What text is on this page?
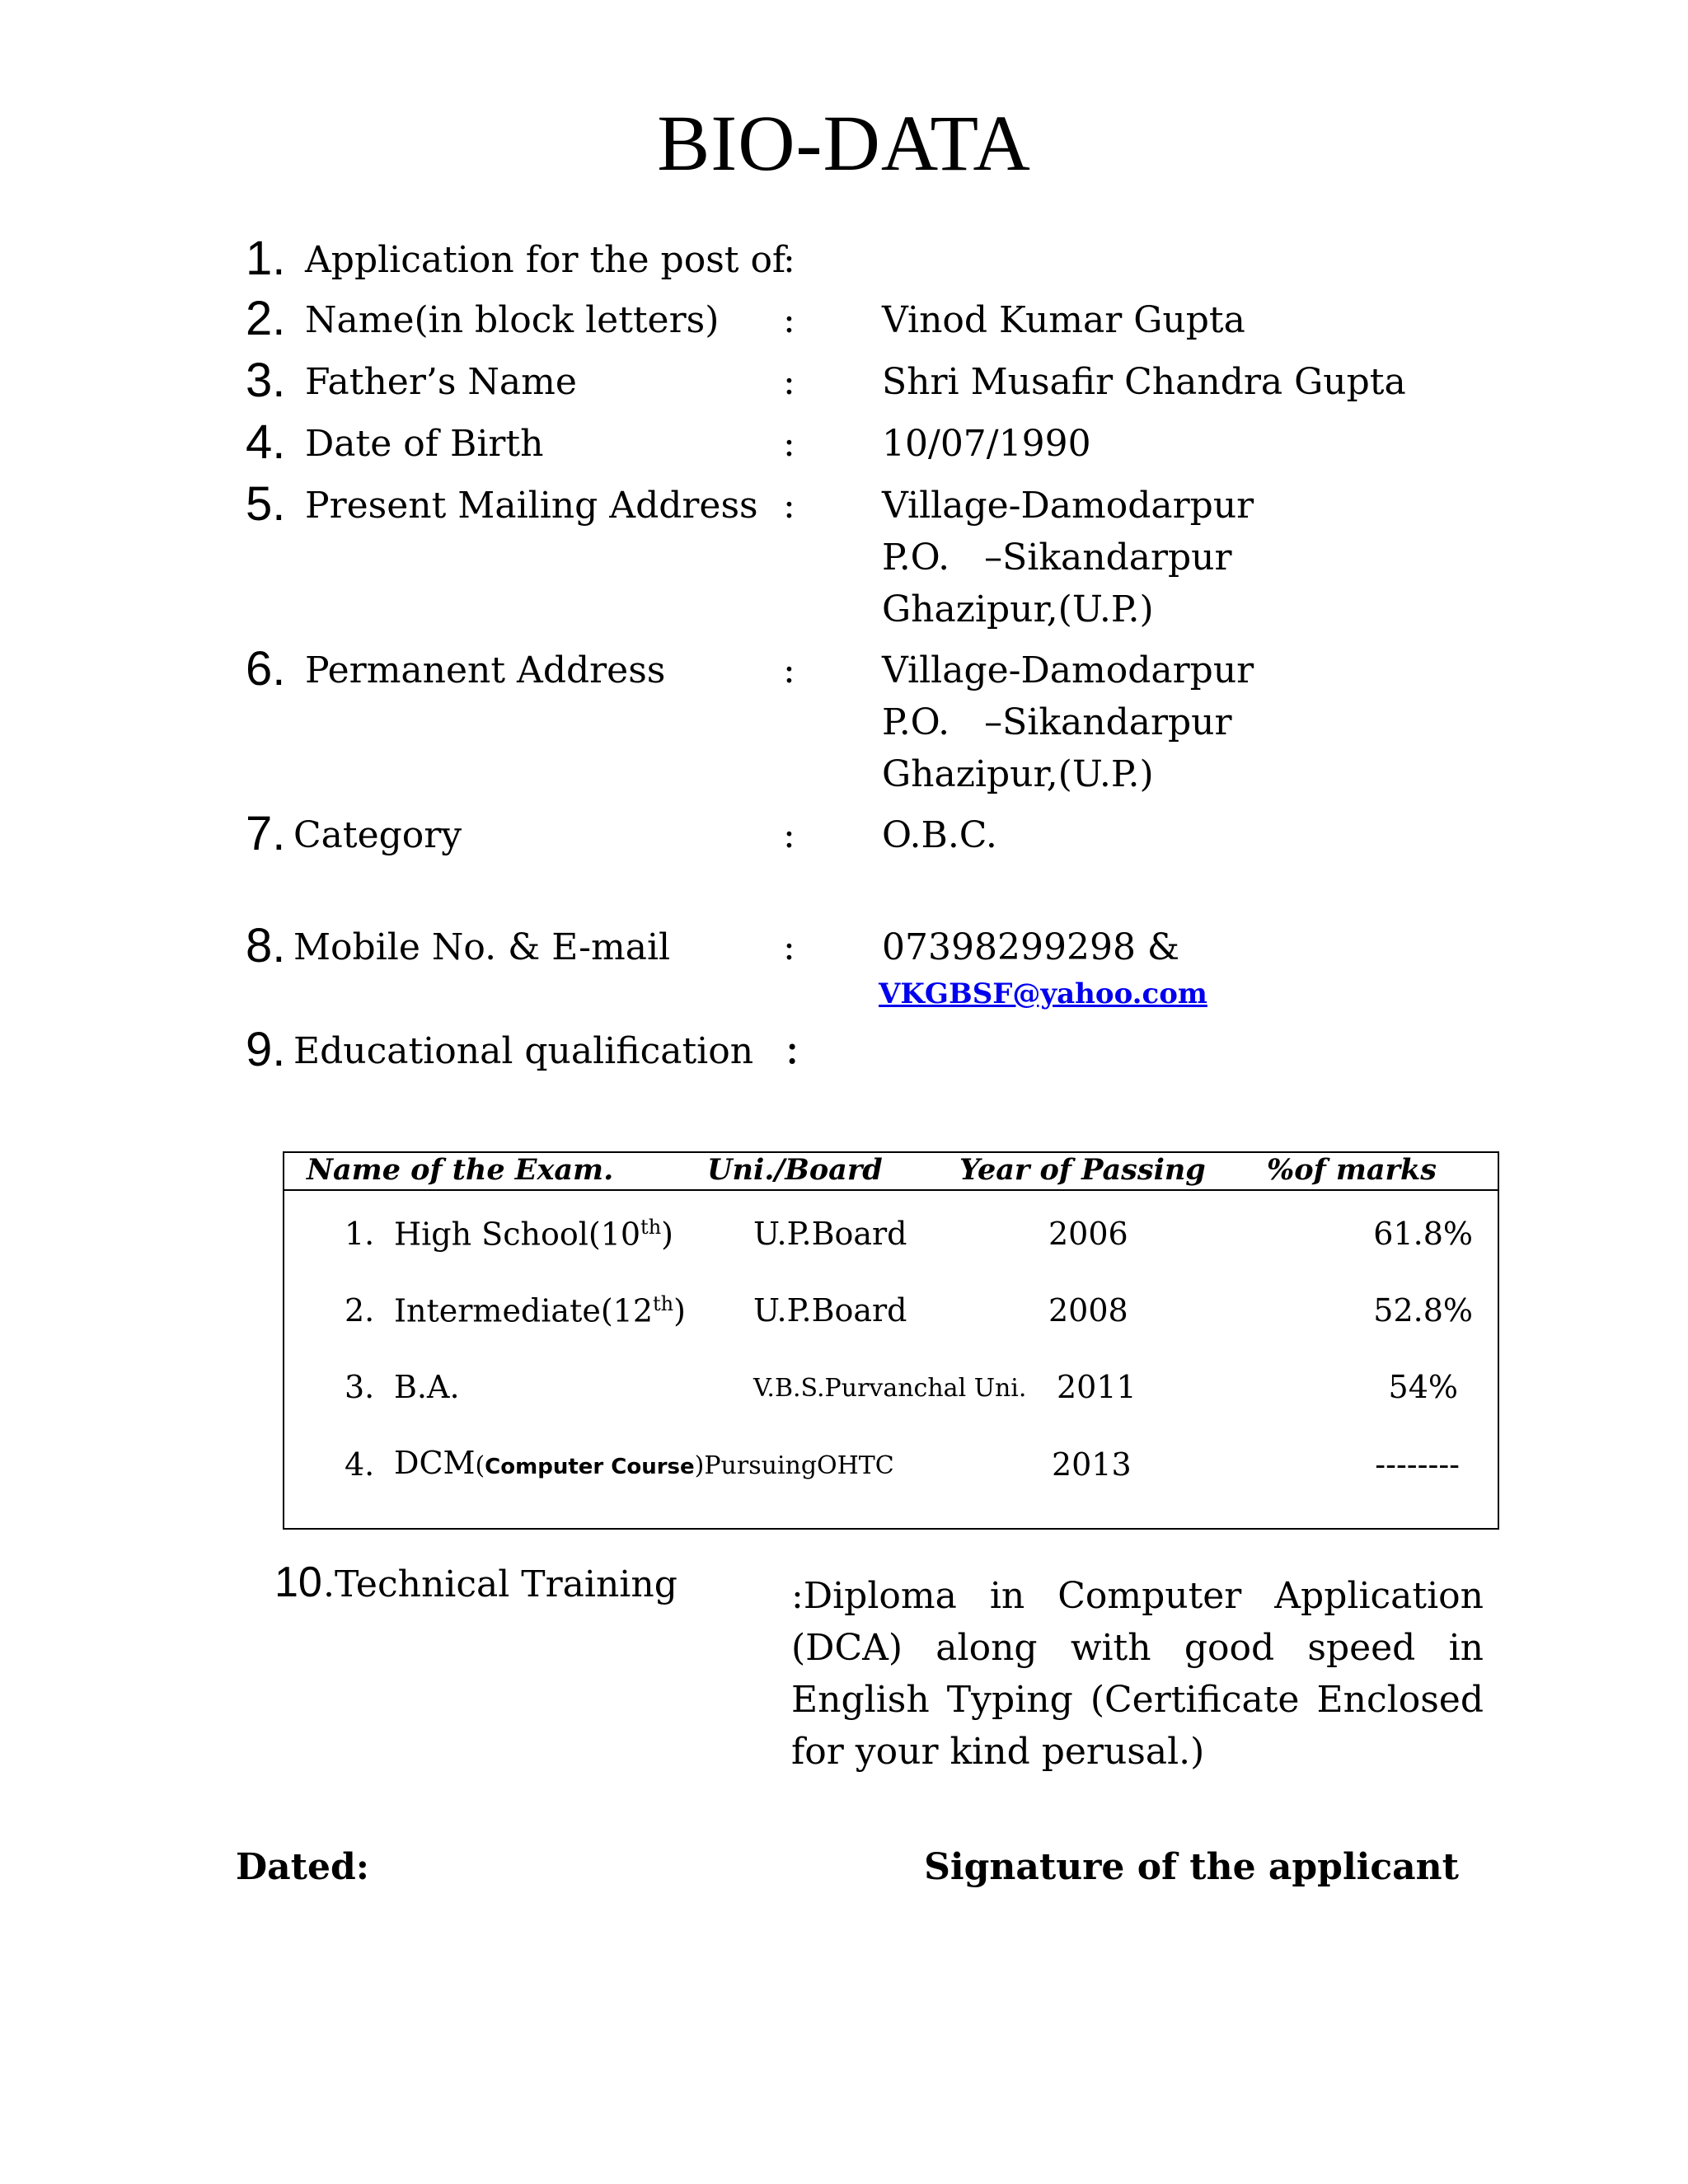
BIO-DATA
1. Application for the post of
:
2. Name(in block letters) : Vinod Kumar Gupta
3. Father’s Name	: Shri Musafir Chandra Gupta
4. Date of Birth	: 10/07/1990
5. Present Mailing Address : Village-Damodarpur
P.O.   –Sikandarpur
Ghazipur,(U.P.)
6. Permanent Address	: Village-Damodarpur
P.O.   –Sikandarpur
Ghazipur,(U.P.)
7. Category	: O.B.C.
8. Mobile No. & E-mail	: 07398299298 &
VKGBSF@yahoo.com
9. Educational qualification :
Name of the Exam.	Uni./Board	Year of Passing %of marks
1. High School(10th)	U.P.Board	2006	61.8%
2. Intermediate(12th) U.P.Board	2008	52.8%
3. B.A.	V.B.S.Purvanchal Uni. 2011	54%
4. DCM(Computer Course)Pursuing OHTC	2013	--------
10 .Technical Training	:Diploma in Computer Application
(DCA) along with good speed in
English Typing (Certificate Enclosed
for your kind perusal.)
Dated:	Signature of the applicant
